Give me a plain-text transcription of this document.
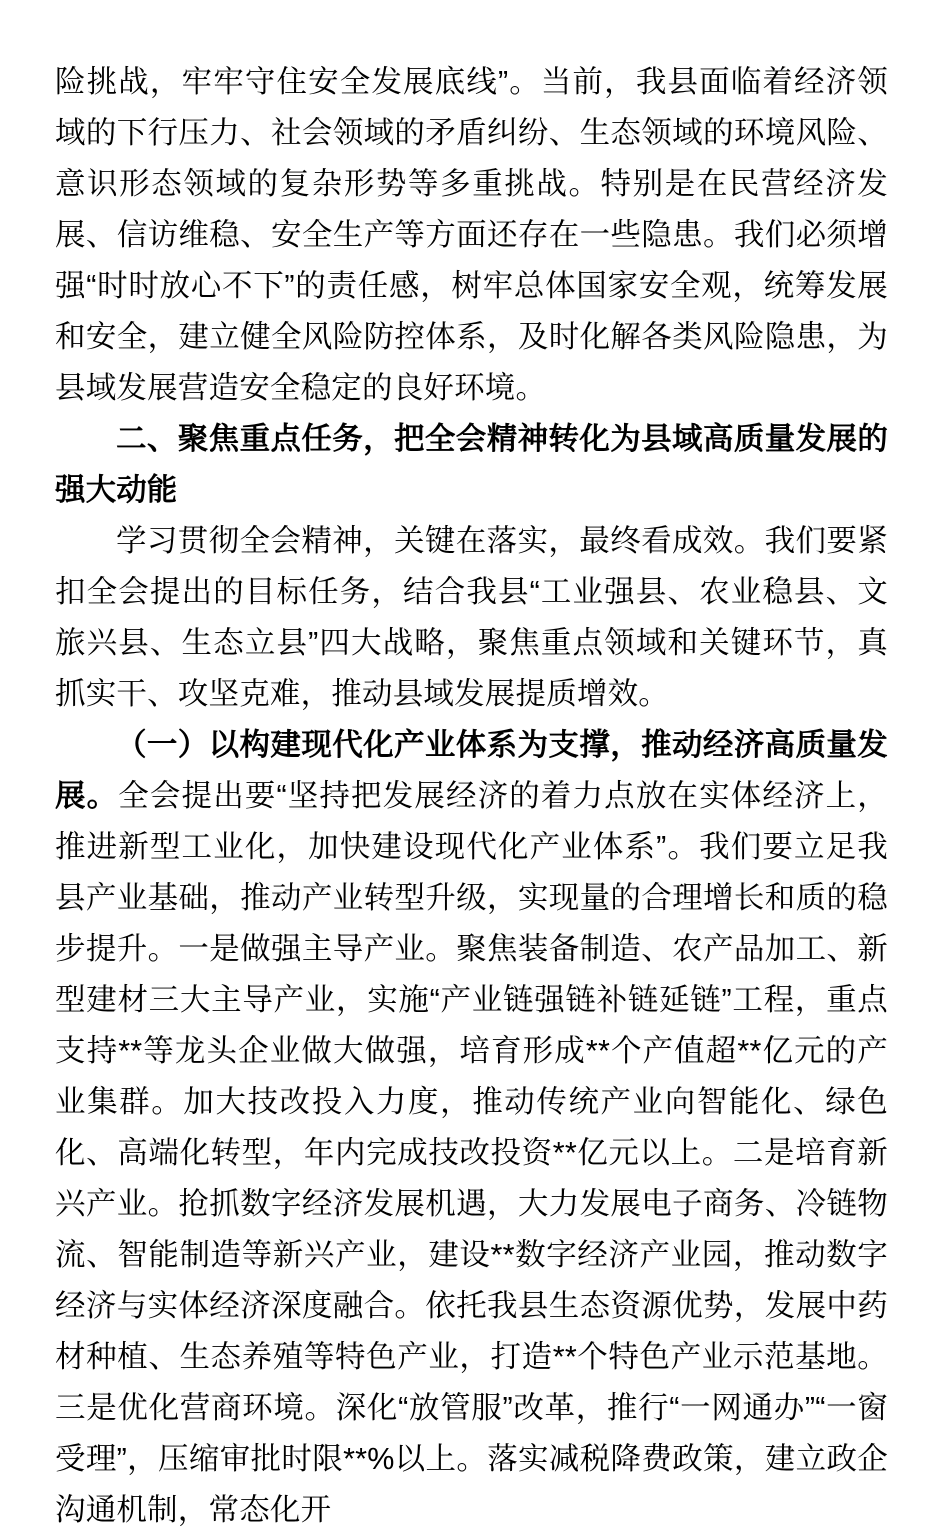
险挑战，牢牢守住安全发展底线”。当前，我县面临着经济领域的下行压力、社会领域的矛盾纠纷、生态领域的环境风险、意识形态领域的复杂形势等多重挑战。特别是在民营经济发展、信访维稳、安全生产等方面还存在一些隐患。我们必须增强“时时放心不下”的责任感，树牢总体国家安全观，统筹发展和安全，建立健全风险防控体系，及时化解各类风险隐患，为县域发展营造安全稳定的良好环境。

二、聚焦重点任务，把全会精神转化为县域高质量发展的强大动能

学习贯彻全会精神，关键在落实，最终看成效。我们要紧扣全会提出的目标任务，结合我县“工业强县、农业稳县、文旅兴县、生态立县”四大战略，聚焦重点领域和关键环节，真抓实干、攻坚克难，推动县域发展提质增效。

（一）以构建现代化产业体系为支撑，推动经济高质量发展。全会提出要“坚持把发展经济的着力点放在实体经济上，推进新型工业化，加快建设现代化产业体系”。我们要立足我县产业基础，推动产业转型升级，实现量的合理增长和质的稳步提升。一是做强主导产业。聚焦装备制造、农产品加工、新型建材三大主导产业，实施“产业链强链补链延链”工程，重点支持**等龙头企业做大做强，培育形成**个产值超**亿元的产业集群。加大技改投入力度，推动传统产业向智能化、绿色化、高端化转型，年内完成技改投资**亿元以上。二是培育新兴产业。抢抓数字经济发展机遇，大力发展电子商务、冷链物流、智能制造等新兴产业，建设**数字经济产业园，推动数字经济与实体经济深度融合。依托我县生态资源优势，发展中药材种植、生态养殖等特色产业，打造**个特色产业示范基地。三是优化营商环境。深化“放管服”改革，推行“一网通办”“一窗受理”，压缩审批时限**%以上。落实减税降费政策，建立政企沟通机制，常态化开
